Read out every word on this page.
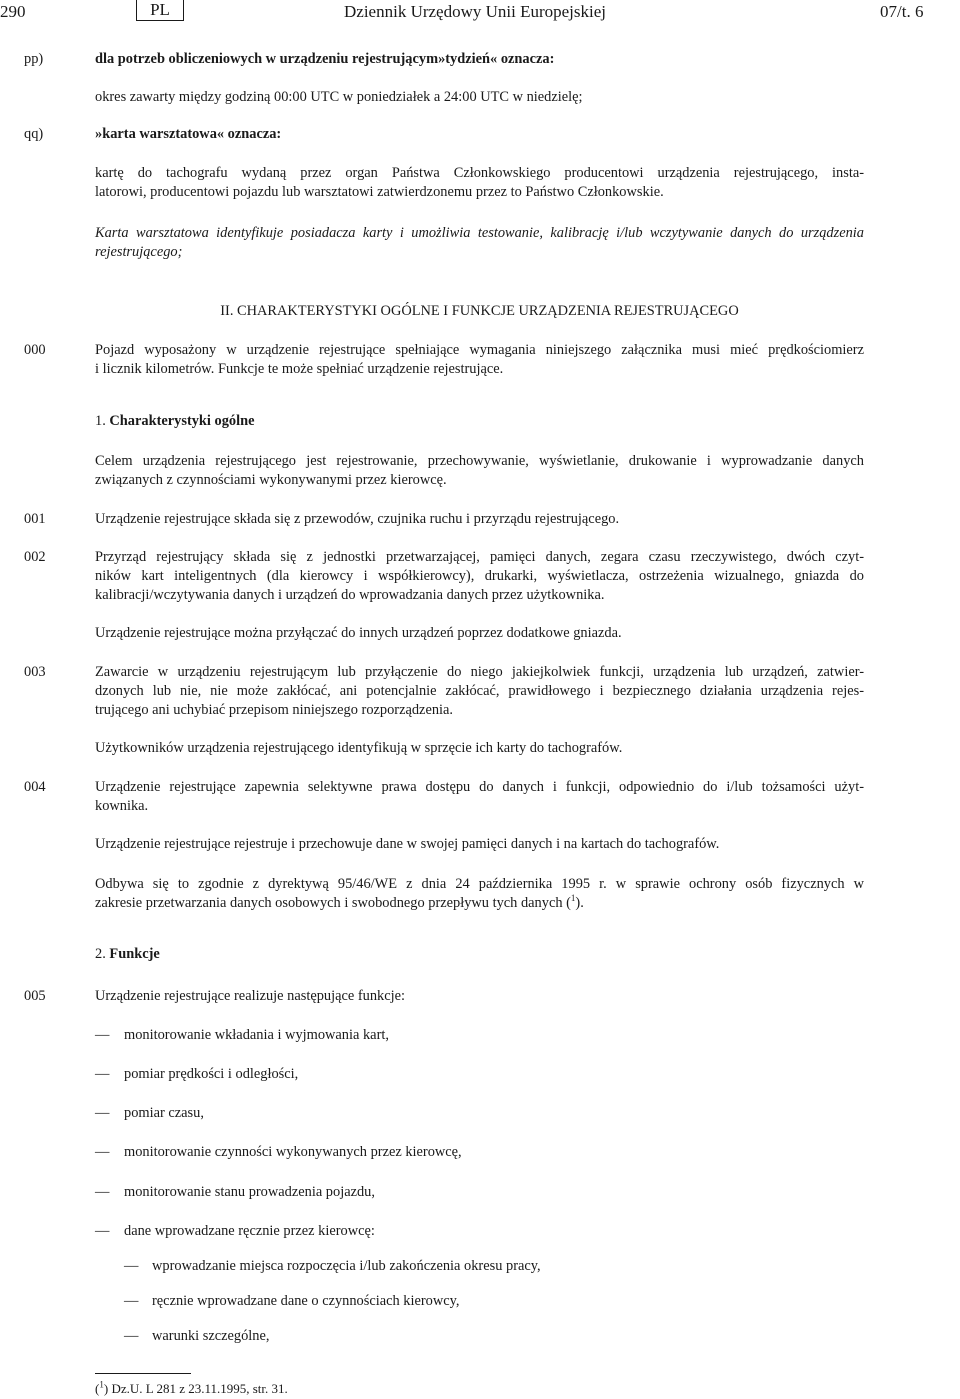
290	PL	Dziennik Urzędowy Unii Europejskiej	07/t. 6
pp)	dla potrzeb obliczeniowych w urządzeniu rejestrującym»tydzień« oznacza:
okres zawarty między godziną 00:00 UTC w poniedziałek a 24:00 UTC w niedzielę;
qq)	»karta warsztatowa« oznacza:
kartę do tachografu wydaną przez organ Państwa Członkowskiego producentowi urządzenia rejestrującego, insta-
latorowi, producentowi pojazdu lub warsztatowi zatwierdzonemu przez to Państwo Członkowskie.
Karta warsztatowa identyfikuje posiadacza karty i umożliwia testowanie, kalibrację i/lub wczytywanie danych do urządzenia
rejestrującego;
II. CHARAKTERYSTYKI OGÓLNE I FUNKCJE URZĄDZENIA REJESTRUJĄCEGO
000	Pojazd wyposażony w urządzenie rejestrujące spełniające wymagania niniejszego załącznika musi mieć prędkościomierz
i licznik kilometrów. Funkcje te może spełniać urządzenie rejestrujące.
1. Charakterystyki ogólne
Celem urządzenia rejestrującego jest rejestrowanie, przechowywanie, wyświetlanie, drukowanie i wyprowadzanie danych
związanych z czynnościami wykonywanymi przez kierowcę.
001	Urządzenie rejestrujące składa się z przewodów, czujnika ruchu i przyrządu rejestrującego.
002	Przyrząd rejestrujący składa się z jednostki przetwarzającej, pamięci danych, zegara czasu rzeczywistego, dwóch czyt-
ników kart inteligentnych (dla kierowcy i współkierowcy), drukarki, wyświetlacza, ostrzeżenia wizualnego, gniazda do
kalibracji/wczytywania danych i urządzeń do wprowadzania danych przez użytkownika.
Urządzenie rejestrujące można przyłączać do innych urządzeń poprzez dodatkowe gniazda.
003	Zawarcie w urządzeniu rejestrującym lub przyłączenie do niego jakiejkolwiek funkcji, urządzenia lub urządzeń, zatwier-
dzonych lub nie, nie może zakłócać, ani potencjalnie zakłócać, prawidłowego i bezpiecznego działania urządzenia rejes-
trującego ani uchybiać przepisom niniejszego rozporządzenia.
Użytkowników urządzenia rejestrującego identyfikują w sprzęcie ich karty do tachografów.
004	Urządzenie rejestrujące zapewnia selektywne prawa dostępu do danych i funkcji, odpowiednio do i/lub tożsamości użyt-
kownika.
Urządzenie rejestrujące rejestruje i przechowuje dane w swojej pamięci danych i na kartach do tachografów.
Odbywa się to zgodnie z dyrektywą 95/46/WE z dnia 24 października 1995 r. w sprawie ochrony osób fizycznych w
zakresie przetwarzania danych osobowych i swobodnego przepływu tych danych ($^1$).
2. Funkcje
005	Urządzenie rejestrujące realizuje następujące funkcje:
— monitorowanie wkładania i wyjmowania kart,
— pomiar prędkości i odległości,
— pomiar czasu,
— monitorowanie czynności wykonywanych przez kierowcę,
— monitorowanie stanu prowadzenia pojazdu,
— dane wprowadzane ręcznie przez kierowcę:
— wprowadzanie miejsca rozpoczęcia i/lub zakończenia okresu pracy,
— ręcznie wprowadzane dane o czynnościach kierowcy,
— warunki szczególne,
($^1$) Dz.U. L 281 z 23.11.1995, str. 31.
